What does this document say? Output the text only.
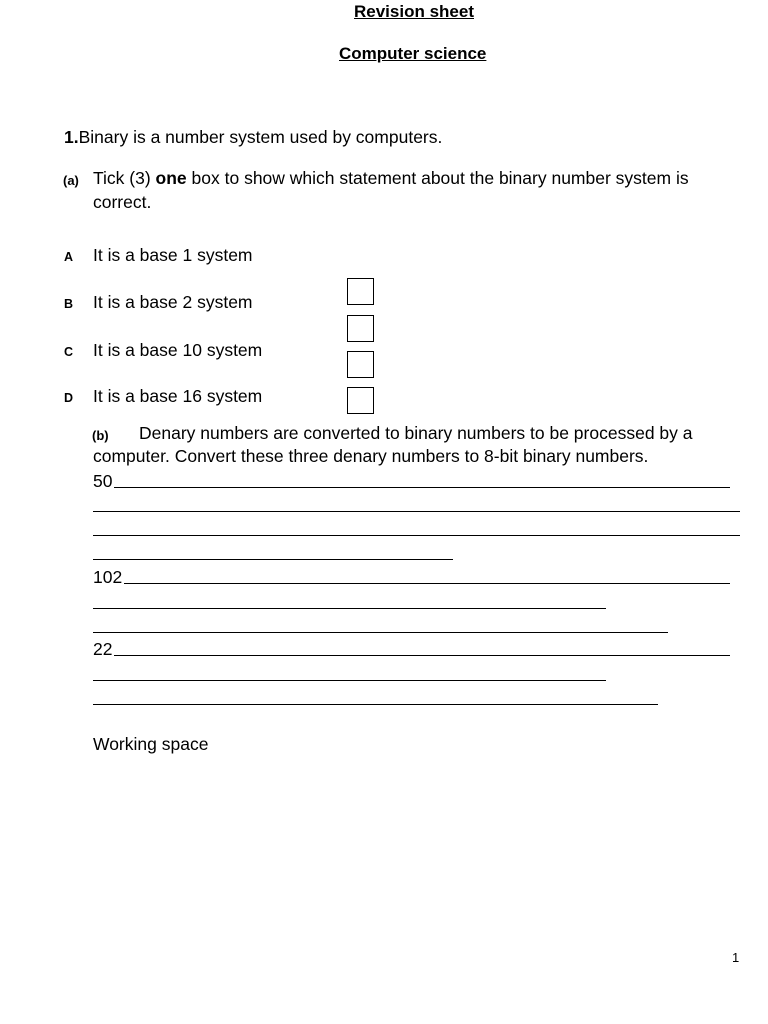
Revision sheet
Computer science
1.Binary is a number system used by computers.
(a) Tick (3) one box to show which statement about the binary number system is
correct.
A It is a base 1 system
B It is a base 2 system
C It is a base 10 system
D It is a base 16 system
(b) Denary numbers are converted to binary numbers to be processed by a
computer. Convert these three denary numbers to 8-bit binary numbers.
50
102
22
Working space
1
